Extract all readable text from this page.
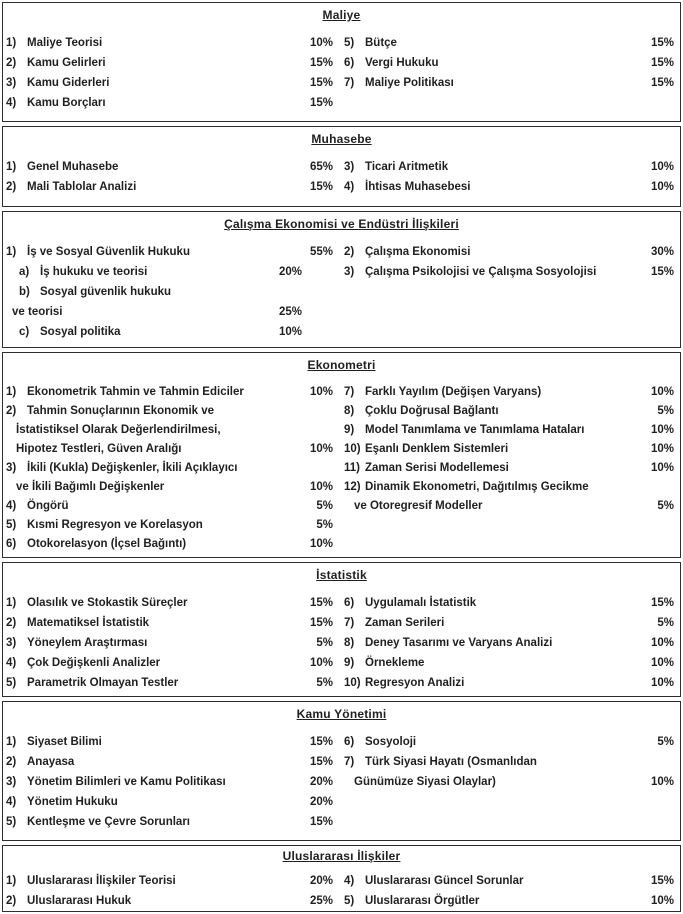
Maliye
1) Maliye Teorisi	10%
2) Kamu Gelirleri	15%
3) Kamu Giderleri	15%
4) Kamu Borçları	15%
5) Bütçe	15%
6) Vergi Hukuku	15%
7) Maliye Politikası	15%
Muhasebe
1) Genel Muhasebe	65%
2) Mali Tablolar Analizi	15%
3) Ticari Aritmetik	10%
4) İhtisas Muhasebesi	10%
Çalışma Ekonomisi ve Endüstri İlişkileri
1) İş ve Sosyal Güvenlik Hukuku	55%
a) İş hukuku ve teorisi	20%
b) Sosyal güvenlik hukuku
ve teorisi	25%
c) Sosyal politika	10%
2) Çalışma Ekonomisi	30%
3) Çalışma Psikolojisi ve Çalışma Sosyolojisi	15%
Ekonometri
1) Ekonometrik Tahmin ve Tahmin Ediciler	10%
2) Tahmin Sonuçlarının Ekonomik ve
İstatistiksel Olarak Değerlendirilmesi,
Hipotez Testleri, Güven Aralığı	10%
3) İkili (Kukla) Değişkenler, İkili Açıklayıcı
ve İkili Bağımlı Değişkenler	10%
4) Öngörü	5%
5) Kısmi Regresyon ve Korelasyon	5%
6) Otokorelasyon (İçsel Bağıntı)	10%
7) Farklı Yayılım (Değişen Varyans)	10%
8) Çoklu Doğrusal Bağlantı	5%
9) Model Tanımlama ve Tanımlama Hataları	10%
10) Eşanlı Denklem Sistemleri	10%
11) Zaman Serisi Modellemesi	10%
12) Dinamik Ekonometri, Dağıtılmış Gecikme
ve Otoregresif Modeller	5%
İstatistik
1) Olasılık ve Stokastik Süreçler	15%
2) Matematiksel İstatistik	15%
3) Yöneylem Araştırması	5%
4) Çok Değişkenli Analizler	10%
5) Parametrik Olmayan Testler	5%
6) Uygulamalı İstatistik	15%
7) Zaman Serileri	5%
8) Deney Tasarımı ve Varyans Analizi	10%
9) Örnekleme	10%
10) Regresyon Analizi	10%
Kamu Yönetimi
1) Siyaset Bilimi	15%
2) Anayasa	15%
3) Yönetim Bilimleri ve Kamu Politikası	20%
4) Yönetim Hukuku	20%
5) Kentleşme ve Çevre Sorunları	15%
6) Sosyoloji	5%
7) Türk Siyasi Hayatı (Osmanlıdan
Günümüze Siyasi Olaylar)	10%
Uluslararası İlişkiler
1) Uluslararası İlişkiler Teorisi	20%
2) Uluslararası Hukuk	25%
4) Uluslararası Güncel Sorunlar	15%
5) Uluslararası Örgütler	10%
